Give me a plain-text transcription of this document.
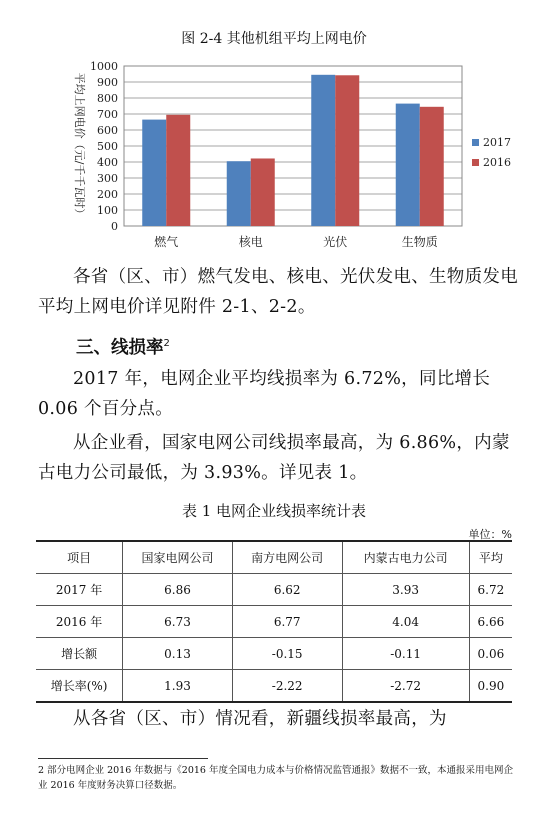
图 2-4 其他机组平均上网电价
0
100
200
300
400
500
600
700
800
900
1000
平均上网电价（元/千千瓦时）
燃气	核电	光伏	生物质
2017
2016
各省（区、市）燃气发电、核电、光伏发电、生物质发电平均上网电价详见附件 2-1、2-2。
三、线损率$^2$
2017 年，电网企业平均线损率为 6.72%，同比增长 0.06 个百分点。
从企业看，国家电网公司线损率最高，为 6.86%，内蒙古电力公司最低，为 3.93%。详见表 1。
表 1 电网企业线损率统计表
单位：%
项目	国家电网公司	南方电网公司	内蒙古电力公司	平均
2017 年	6.86	6.62	3.93	6.72
2016 年	6.73	6.77	4.04	6.66
增长额	0.13	-0.15	-0.11	0.06
增长率(%)	1.93	-2.22	-2.72	0.90
从各省（区、市）情况看，新疆线损率最高，为
2 部分电网企业 2016 年数据与《2016 年度全国电力成本与价格情况监管通报》数据不一致，本通报采用电网企业 2016 年度财务决算口径数据。
